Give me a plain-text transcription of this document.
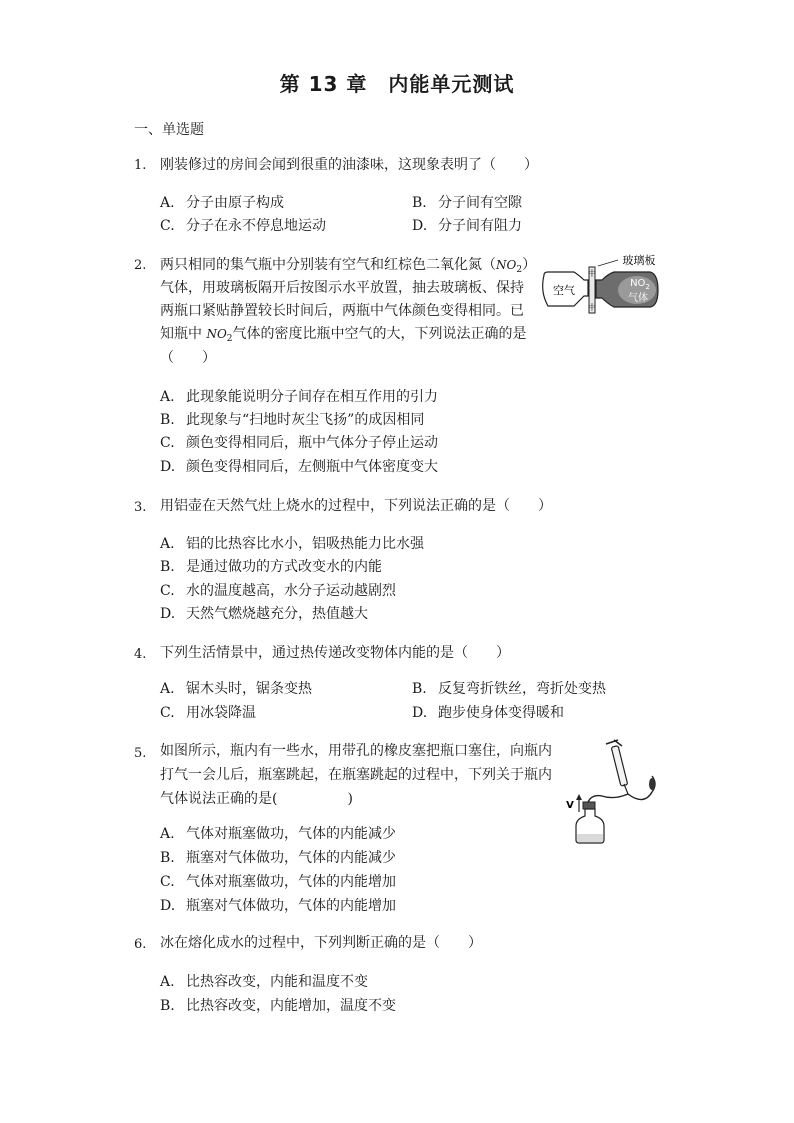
第 13 章　内能单元测试
一、单选题
1. 刚装修过的房间会闻到很重的油漆味，这现象表明了（　　）
A. 分子由原子构成	B. 分子间有空隙
C. 分子在永不停息地运动	D. 分子间有阻力
2. 两只相同的集气瓶中分别装有空气和红棕色二氧化氮$(NO_2)$
气体，用玻璃板隔开后按图示水平放置，抽去玻璃板、保持
两瓶口紧贴静置较长时间后，两瓶中气体颜色变得相同。已
知瓶中 $NO_2$气体的密度比瓶中空气的大，下列说法正确的是
（　　）
空气
中
中
$NO_2$
气体
玻璃板
A. 此现象能说明分子间存在相互作用的引力
B. 此现象与“扫地时灰尘飞扬”的成因相同
C. 颜色变得相同后，瓶中气体分子停止运动
D. 颜色变得相同后，左侧瓶中气体密度变大
3. 用铝壶在天然气灶上烧水的过程中，下列说法正确的是（　　）
A. 铝的比热容比水小，铝吸热能力比水强
B. 是通过做功的方式改变水的内能
C. 水的温度越高，水分子运动越剧烈
D. 天然气燃烧越充分，热值越大
4. 下列生活情景中，通过热传递改变物体内能的是（　　）
A. 锯木头时，锯条变热	B. 反复弯折铁丝，弯折处变热
C. 用冰袋降温	D. 跑步使身体变得暖和
5. 如图所示，瓶内有一些水，用带孔的橡皮塞把瓶口塞住，向瓶内
打气一会儿后，瓶塞跳起，在瓶塞跳起的过程中，下列关于瓶内
气体说法正确的是(　　　　　)	V
A. 气体对瓶塞做功，气体的内能减少
B. 瓶塞对气体做功，气体的内能减少
C. 气体对瓶塞做功，气体的内能增加
D. 瓶塞对气体做功，气体的内能增加
6. 冰在熔化成水的过程中，下列判断正确的是（　　）
A. 比热容改变，内能和温度不变
B. 比热容改变，内能增加，温度不变
